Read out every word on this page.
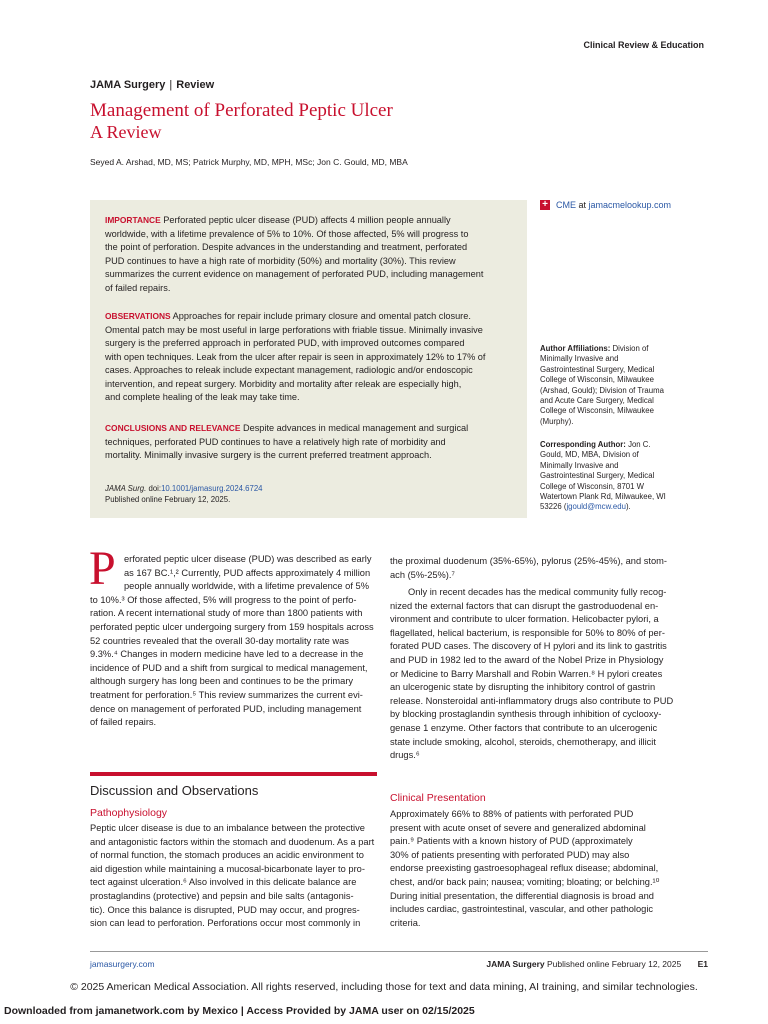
Clinical Review & Education
JAMA Surgery | Review
Management of Perforated Peptic Ulcer
A Review
Seyed A. Arshad, MD, MS; Patrick Murphy, MD, MPH, MSc; Jon C. Gould, MD, MBA
IMPORTANCE Perforated peptic ulcer disease (PUD) affects 4 million people annually
worldwide, with a lifetime prevalence of 5% to 10%. Of those affected, 5% will progress to
the point of perforation. Despite advances in the understanding and treatment, perforated
PUD continues to have a high rate of morbidity (50%) and mortality (30%). This review
summarizes the current evidence on management of perforated PUD, including management
of failed repairs.
OBSERVATIONS Approaches for repair include primary closure and omental patch closure.
Omental patch may be most useful in large perforations with friable tissue. Minimally invasive
surgery is the preferred approach in perforated PUD, with improved outcomes compared
with open techniques. Leak from the ulcer after repair is seen in approximately 12% to 17% of
cases. Approaches to releak include expectant management, radiologic and/or endoscopic
intervention, and repeat surgery. Morbidity and mortality after releak are especially high,
and complete healing of the leak may take time.
CONCLUSIONS AND RELEVANCE Despite advances in medical management and surgical
techniques, perforated PUD continues to have a relatively high rate of morbidity and
mortality. Minimally invasive surgery is the current preferred treatment approach.
JAMA Surg. doi:10.1001/jamasurg.2024.6724
Published online February 12, 2025.
+ CME at jamacmelookup.com
Author Affiliations: Division of
Minimally Invasive and
Gastrointestinal Surgery, Medical
College of Wisconsin, Milwaukee
(Arshad, Gould); Division of Trauma
and Acute Care Surgery, Medical
College of Wisconsin, Milwaukee
(Murphy).
Corresponding Author: Jon C.
Gould, MD, MBA, Division of
Minimally Invasive and
Gastrointestinal Surgery, Medical
College of Wisconsin, 8701 W
Watertown Plank Rd, Milwaukee, WI
53226 (jgould@mcw.edu).
P erforated peptic ulcer disease (PUD) was described as early
as 167 BC.¹,² Currently, PUD affects approximately 4 million
people annually worldwide, with a lifetime prevalence of 5%
to 10%.³ Of those affected, 5% will progress to the point of perfo-
ration. A recent international study of more than 1800 patients with
perforated peptic ulcer undergoing surgery from 159 hospitals across
52 countries revealed that the overall 30-day mortality rate was
9.3%.⁴ Changes in modern medicine have led to a decrease in the
incidence of PUD and a shift from surgical to medical management,
although surgery has long been and continues to be the primary
treatment for perforation.⁵ This review summarizes the current evi-
dence on management of perforated PUD, including management
of failed repairs.
Discussion and Observations
Pathophysiology
Peptic ulcer disease is due to an imbalance between the protective
and antagonistic factors within the stomach and duodenum. As a part
of normal function, the stomach produces an acidic environment to
aid digestion while maintaining a mucosal-bicarbonate layer to pro-
tect against ulceration.⁶ Also involved in this delicate balance are
prostaglandins (protective) and pepsin and bile salts (antagonis-
tic). Once this balance is disrupted, PUD may occur, and progres-
sion can lead to perforation. Perforations occur most commonly in
the proximal duodenum (35%-65%), pylorus (25%-45%), and stom-
ach (5%-25%).⁷
Only in recent decades has the medical community fully recog-
nized the external factors that can disrupt the gastroduodenal en-
vironment and contribute to ulcer formation. Helicobacter pylori, a
flagellated, helical bacterium, is responsible for 50% to 80% of per-
forated PUD cases. The discovery of H pylori and its link to gastritis
and PUD in 1982 led to the award of the Nobel Prize in Physiology
or Medicine to Barry Marshall and Robin Warren.⁸ H pylori creates
an ulcerogenic state by disrupting the inhibitory control of gastrin
release. Nonsteroidal anti-inflammatory drugs also contribute to PUD
by blocking prostaglandin synthesis through inhibition of cyclooxy-
genase 1 enzyme. Other factors that contribute to an ulcerogenic
state include smoking, alcohol, steroids, chemotherapy, and illicit
drugs.⁶
Clinical Presentation
Approximately 66% to 88% of patients with perforated PUD
present with acute onset of severe and generalized abdominal
pain.⁹ Patients with a known history of PUD (approximately
30% of patients presenting with perforated PUD) may also
endorse preexisting gastroesophageal reflux disease; abdominal,
chest, and/or back pain; nausea; vomiting; bloating; or belching.¹⁰
During initial presentation, the differential diagnosis is broad and
includes cardiac, gastrointestinal, vascular, and other pathologic
criteria.
jamasurgery.com	JAMA Surgery Published online February 12, 2025 E1
© 2025 American Medical Association. All rights reserved, including those for text and data mining, AI training, and similar technologies.
Downloaded from jamanetwork.com by Mexico | Access Provided by JAMA user on 02/15/2025
